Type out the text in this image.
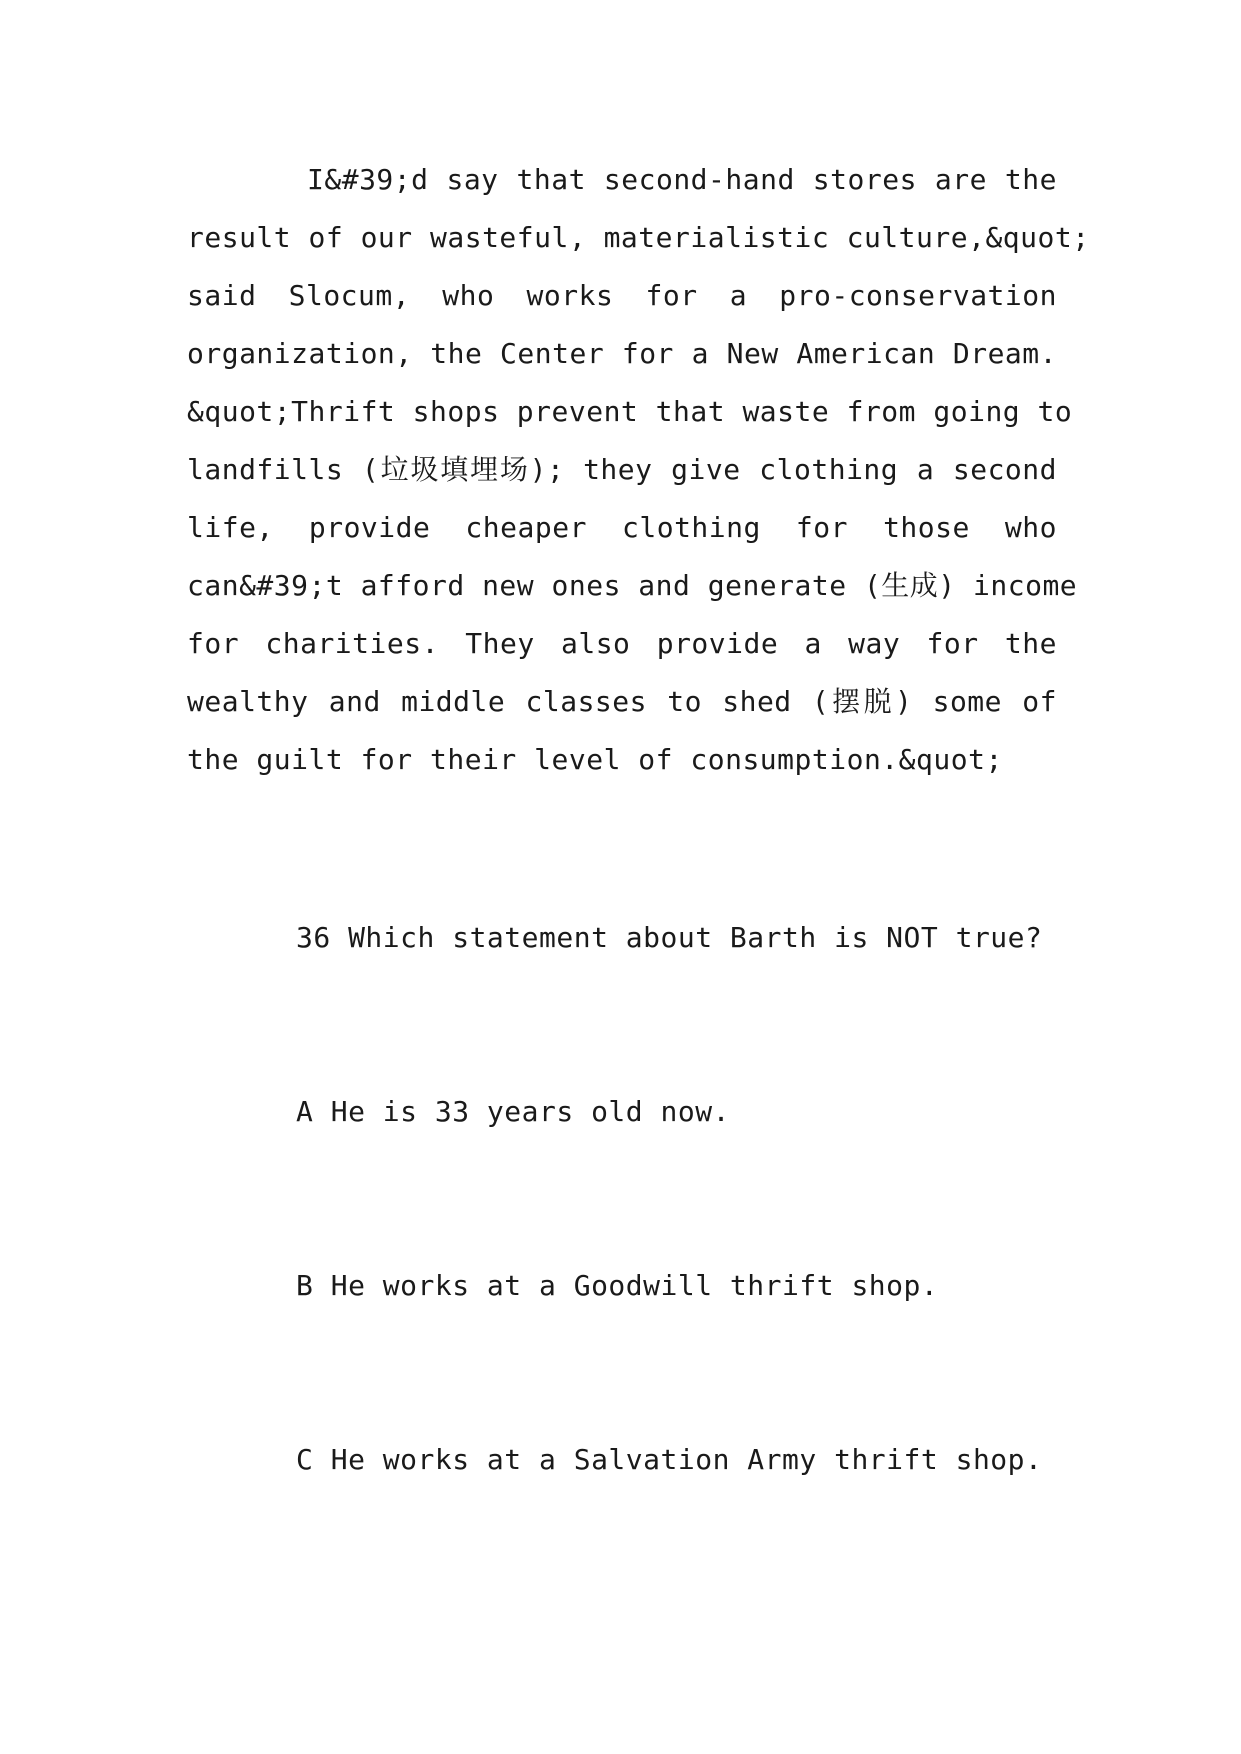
I&#39;d say that second-hand stores are the
result of our wasteful, materialistic culture,&quot;
said Slocum, who works for a pro-conservation
organization, the Center for a New American Dream.
&quot;Thrift shops prevent that waste from going to
landfills (垃圾填埋场); they give clothing a second
life, provide cheaper clothing for those who
can&#39;t afford new ones and generate (生成) income
for charities. They also provide a way for the
wealthy and middle classes to shed (摆脱) some of
the guilt for their level of consumption.&quot;
36 Which statement about Barth is NOT true?
A He is 33 years old now.
B He works at a Goodwill thrift shop.
C He works at a Salvation Army thrift shop.
